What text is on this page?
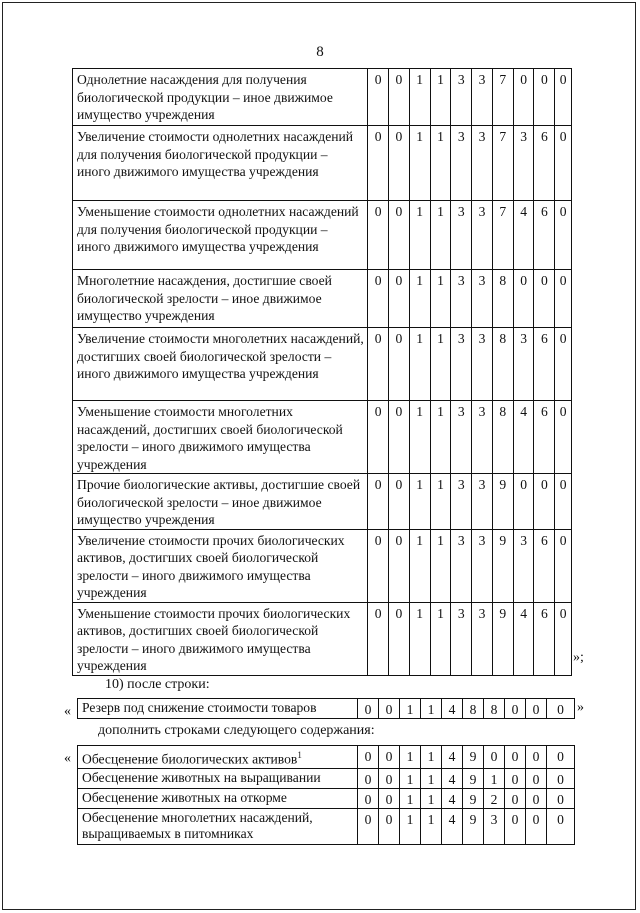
8
Однолетние насаждения для получения биологической продукции – иное движимое имущество учреждения	0	0	1	1	3	3	7	0	0	0
Увеличение стоимости однолетних насаждений для получения биологической продукции – иного движимого имущества учреждения	0	0	1	1	3	3	7	3	6	0
Уменьшение стоимости однолетних насаждений для получения биологической продукции – иного движимого имущества учреждения	0	0	1	1	3	3	7	4	6	0
Многолетние насаждения, достигшие своей биологической зрелости – иное движимое имущество учреждения	0	0	1	1	3	3	8	0	0	0
Увеличение стоимости многолетних насаждений, достигших своей биологической зрелости – иного движимого имущества учреждения	0	0	1	1	3	3	8	3	6	0
Уменьшение стоимости многолетних насаждений, достигших своей биологической зрелости – иного движимого имущества учреждения	0	0	1	1	3	3	8	4	6	0
Прочие биологические активы, достигшие своей биологической зрелости – иное движимое имущество учреждения	0	0	1	1	3	3	9	0	0	0
Увеличение стоимости прочих биологических активов, достигших своей биологической зрелости – иного движимого имущества учреждения	0	0	1	1	3	3	9	3	6	0
Уменьшение стоимости прочих биологических активов, достигших своей биологической зрелости – иного движимого имущества учреждения	0	0	1	1	3	3	9	4	6	0
»;
10) после строки:
« Резерв под снижение стоимости товаров	0	0	1	1	4	8	8	0	0	0 »
дополнить строками следующего содержания:
« Обесценение биологических активов$^1$	0	0	1	1	4	9	0	0	0	0
Обесценение животных на выращивании	0	0	1	1	4	9	1	0	0	0
Обесценение животных на откорме	0	0	1	1	4	9	2	0	0	0
Обесценение многолетних насаждений, выращиваемых в питомниках	0	0	1	1	4	9	3	0	0	0
